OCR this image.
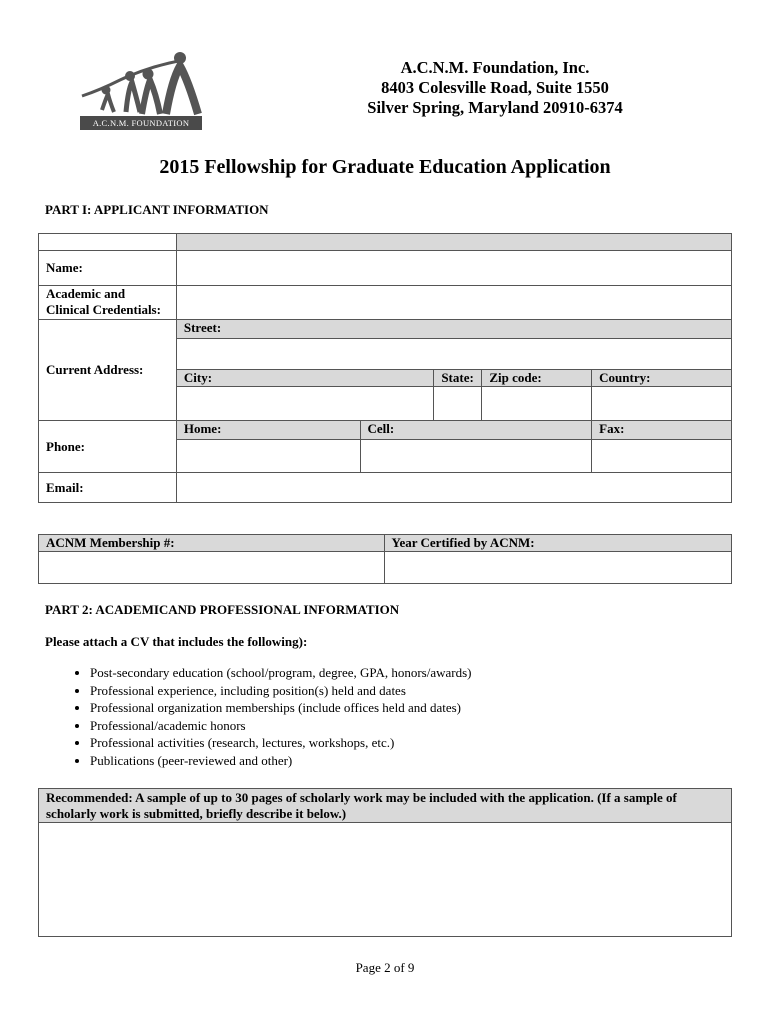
A.C.N.M. FOUNDATION
A.C.N.M. Foundation, Inc.
8403 Colesville Road, Suite 1550
Silver Spring, Maryland 20910-6374
2015 Fellowship for Graduate Education Application
PART I: APPLICANT INFORMATION

Name:					

Academic and
Clinical Credentials:					

Current Address:	Street:				

	City:		State:	Zip code:	Country:

Phone:	Home:	Cell:			Fax:

Email:					
ACNM Membership #:	Year Certified by ACNM:

PART 2: ACADEMICAND PROFESSIONAL INFORMATION
Please attach a CV that includes the following):
• Post-secondary education (school/program, degree, GPA, honors/awards)
• Professional experience, including position(s) held and dates
• Professional organization memberships (include offices held and dates)
• Professional/academic honors
• Professional activities (research, lectures, workshops, etc.)
• Publications (peer-reviewed and other)
Recommended: A sample of up to 30 pages of scholarly work may be included with the application. (If a sample of
scholarly work is submitted, briefly describe it below.)

Page 2 of 9
